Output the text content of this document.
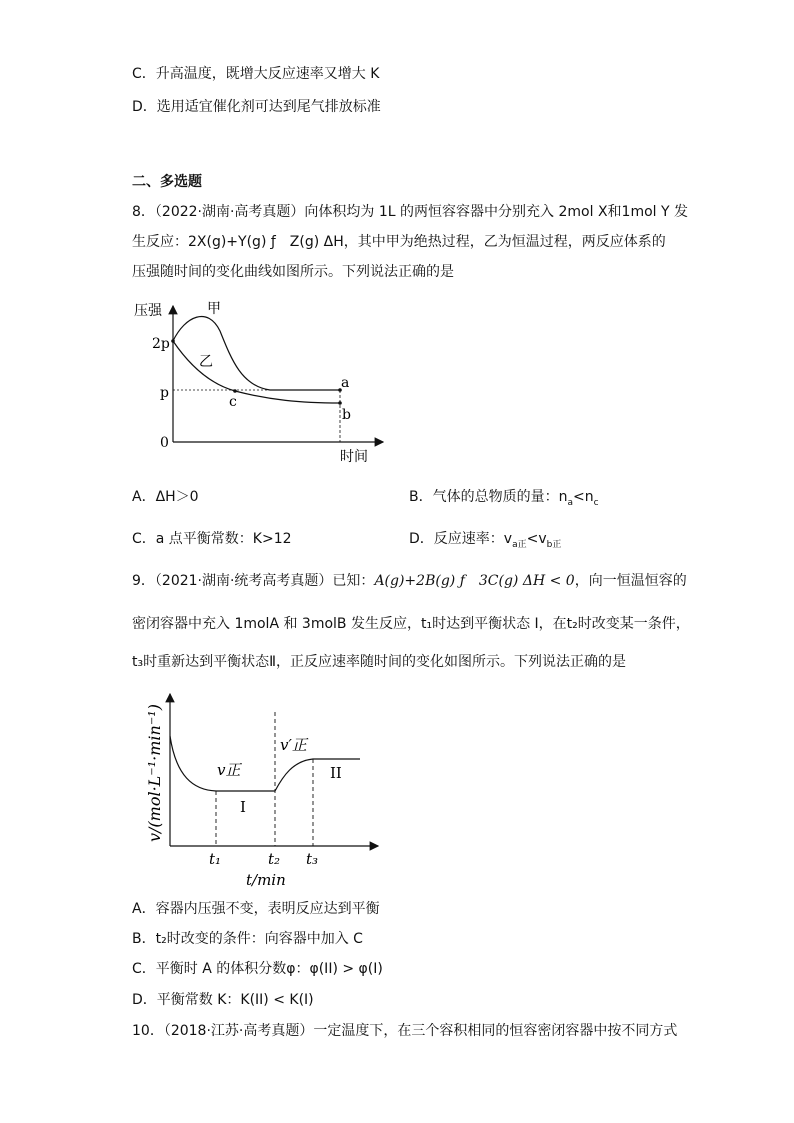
C．升高温度，既增大反应速率又增大 K
D．选用适宜催化剂可达到尾气排放标准
二、多选题
8．（2022·湖南·高考真题）向体积均为 1L 的两恒容容器中分别充入 2mol X和1mol Y 发
生反应：2X(g)+Y(g) ƒ　Z(g) ΔH，其中甲为绝热过程，乙为恒温过程，两反应体系的
压强随时间的变化曲线如图所示。下列说法正确的是
压强
2p
p
0
时间
甲
乙
a
b
c
A．ΔH＞0	B．气体的总物质的量：$n_a<n_c$
C．a 点平衡常数：K>12	D．反应速率：$v_{a正}<v_{b正}$
9．（2021·湖南·统考高考真题）已知：A(g)+2B(g) ƒ　3C(g) ΔH < 0，向一恒温恒容的
密闭容器中充入 1molA 和 3molB 发生反应，t₁时达到平衡状态 I，在t₂时改变某一条件，
t₃时重新达到平衡状态Ⅱ，正反应速率随时间的变化如图所示。下列说法正确的是
v/(mol·L⁻¹·min⁻¹)	v正
v′正
I
II
t₁	t₂ t₃
t/min
A．容器内压强不变，表明反应达到平衡
B．t₂时改变的条件：向容器中加入 C
C．平衡时 A 的体积分数φ：φ(II) > φ(I)
D．平衡常数 K：K(II) < K(I)
10．（2018·江苏·高考真题）一定温度下，在三个容积相同的恒容密闭容器中按不同方式
